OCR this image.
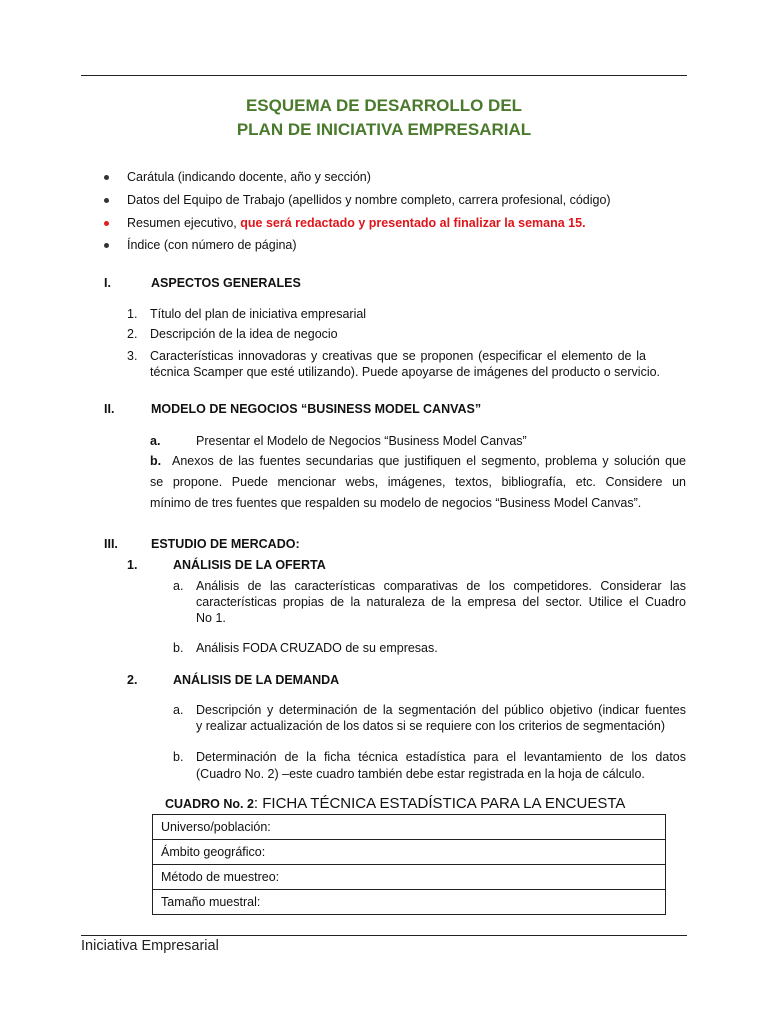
ESQUEMA DE DESARROLLO DEL
PLAN DE INICIATIVA EMPRESARIAL
Carátula (indicando docente, año y sección)
Datos del Equipo de Trabajo (apellidos y nombre completo, carrera profesional, código)
Resumen ejecutivo, que será redactado y presentado al finalizar la semana 15.
Índice (con número de página)
I.	ASPECTOS GENERALES
1. Título del plan de iniciativa empresarial
2. Descripción de la idea de negocio
3. Características innovadoras y creativas que se proponen (especificar el elemento de la
técnica Scamper que esté utilizando). Puede apoyarse de imágenes del producto o servicio.
II.	MODELO DE NEGOCIOS “BUSINESS MODEL CANVAS”
a.	Presentar el Modelo de Negocios “Business Model Canvas”
b. Anexos de las fuentes secundarias que justifiquen el segmento, problema y solución que
se propone. Puede mencionar webs, imágenes, textos, bibliografía, etc. Considere un
mínimo de tres fuentes que respalden su modelo de negocios “Business Model Canvas”.
III.	ESTUDIO DE MERCADO:
1.	ANÁLISIS DE LA OFERTA
a. Análisis de las características comparativas de los competidores. Considerar las
características propias de la naturaleza de la empresa del sector. Utilice el Cuadro
No 1.
b. Análisis FODA CRUZADO de su empresas.
2.	ANÁLISIS DE LA DEMANDA
a. Descripción y determinación de la segmentación del público objetivo (indicar fuentes
y realizar actualización de los datos si se requiere con los criterios de segmentación)
b. Determinación de la ficha técnica estadística para el levantamiento de los datos
(Cuadro No. 2) –este cuadro también debe estar registrada en la hoja de cálculo.
CUADRO No. 2: FICHA TÉCNICA ESTADÍSTICA PARA LA ENCUESTA
Universo/población:
Ámbito geográfico:
Método de muestreo:
Tamaño muestral:
Iniciativa Empresarial
